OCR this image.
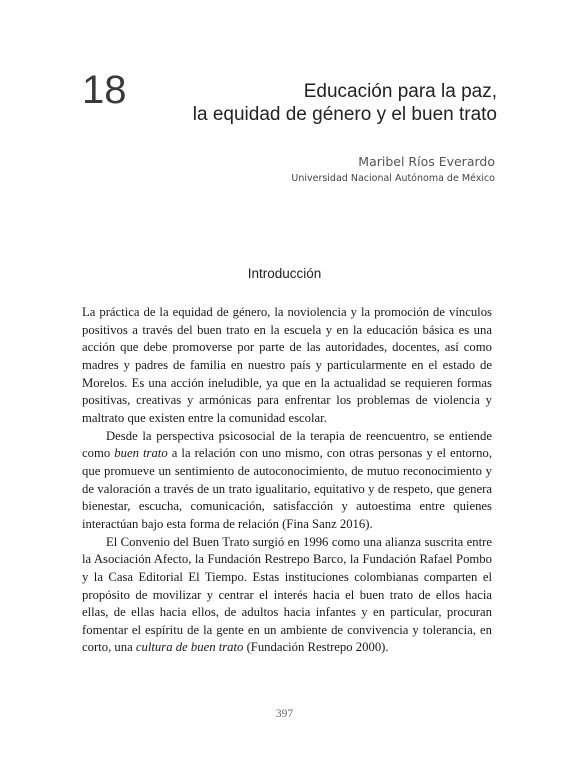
18	Educación para la paz,
la equidad de género y el buen trato
Maribel Ríos Everardo
Universidad Nacional Autónoma de México
Introducción

La práctica de la equidad de género, la noviolencia y la promoción de vínculos positivos a través del buen trato en la escuela y en la educación básica es una acción que debe promoverse por parte de las autoridades, docentes, así como madres y padres de familia en nuestro país y particularmente en el estado de Morelos. Es una acción ineludible, ya que en la actualidad se requieren formas positivas, creativas y armónicas para enfrentar los problemas de violencia y maltrato que existen entre la comunidad escolar.

Desde la perspectiva psicosocial de la terapia de reencuentro, se entiende como buen trato a la relación con uno mismo, con otras personas y el entorno, que promueve un sentimiento de autoconocimiento, de mutuo reconocimiento y de valoración a través de un trato igualitario, equitativo y de respeto, que genera bienestar, escucha, comunicación, satisfacción y autoestima entre quienes interactúan bajo esta forma de relación (Fina Sanz 2016).

El Convenio del Buen Trato surgió en 1996 como una alianza suscrita entre la Asociación Afecto, la Fundación Restrepo Barco, la Fundación Rafael Pombo y la Casa Editorial El Tiempo. Estas instituciones colombianas comparten el propósito de movilizar y centrar el interés hacia el buen trato de ellos hacia ellas, de ellas hacia ellos, de adultos hacia infantes y en particular, procuran fomentar el espíritu de la gente en un ambiente de convivencia y tolerancia, en corto, una cultura de buen trato (Fundación Restrepo 2000).

397
